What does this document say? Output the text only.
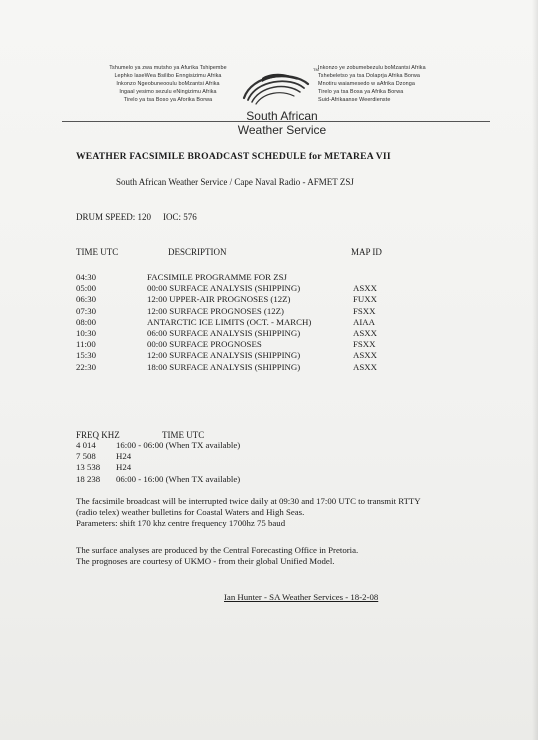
Tshumelo ya zwa mutsho ya Afurika Tshipembe
Lephko laseWea Bsilibo Enngisizimu Afrika
Inkonzo Ngeobuneooulu boMzantsi Afrika
Ingaal yesimo sezulu eNingizimu Afrika
Tirelo ya tsa Boso ya Aforika Borwa
TM
South African
Weather Service
Inkonzo ye zobumebezulu boMzantsi Afrika
Tshebeletso ya tsa Dolaprja Afrika Borwa
Mnotiru waiamesedo w aAfrika Dzonga
Tirelo ya tsa Bosa ya Afrika Borwa
Suid-Afrikaanse Weerdienste
WEATHER FACSIMILE BROADCAST SCHEDULE for METAREA VII
South African Weather Service / Cape Naval Radio - AFMET ZSJ
DRUM SPEED: 120 IOC: 576
TIME UTC	DESCRIPTION	MAP ID
04:30	FACSIMILE PROGRAMME FOR ZSJ
05:00	00:00 SURFACE ANALYSIS (SHIPPING)	ASXX
06:30	12:00 UPPER-AIR PROGNOSES (12Z)	FUXX
07:30	12:00 SURFACE PROGNOSES (12Z)	FSXX
08:00	ANTARCTIC ICE LIMITS (OCT. - MARCH)	AIAA
10:30	06:00 SURFACE ANALYSIS (SHIPPING)	ASXX
11:00	00:00 SURFACE PROGNOSES	FSXX
15:30	12:00 SURFACE ANALYSIS (SHIPPING)	ASXX
22:30	18:00 SURFACE ANALYSIS (SHIPPING)	ASXX
FREQ KHZ	TIME UTC
4 014 16:00 - 06:00 (When TX available)
7 508 H24
13 538 H24
18 238 06:00 - 16:00 (When TX available)
The facsimile broadcast will be interrupted twice daily at 09:30 and 17:00 UTC to transmit RTTY
(radio telex) weather bulletins for Coastal Waters and High Seas.
Parameters: shift 170 khz centre frequency 1700hz 75 baud
The surface analyses are produced by the Central Forecasting Office in Pretoria.
The prognoses are courtesy of UKMO - from their global Unified Model.
Ian Hunter - SA Weather Services - 18-2-08
